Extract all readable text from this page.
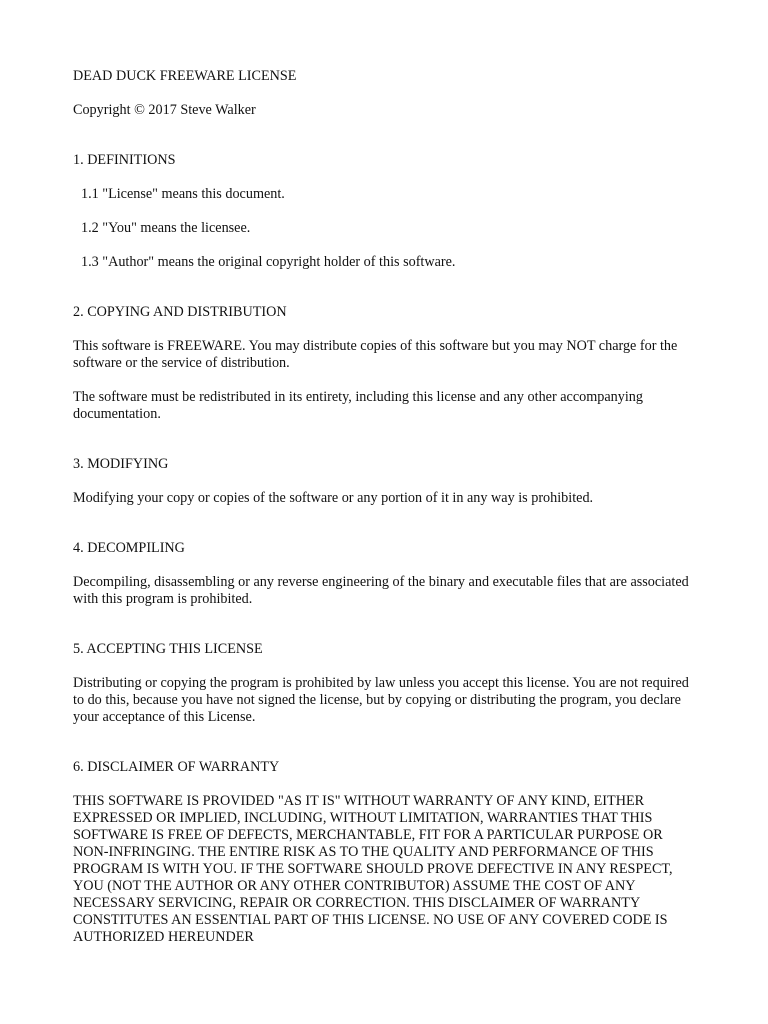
DEAD DUCK FREEWARE LICENSE

Copyright © 2017 Steve Walker

1. DEFINITIONS

1.1 "License" means this document.

1.2 "You" means the licensee.

1.3 "Author" means the original copyright holder of this software.

2. COPYING AND DISTRIBUTION

This software is FREEWARE. You may distribute copies of this software but you may NOT charge for the software or the service of distribution.

The software must be redistributed in its entirety, including this license and any other accompanying documentation.

3. MODIFYING

Modifying your copy or copies of the software or any portion of it in any way is prohibited.

4. DECOMPILING

Decompiling, disassembling or any reverse engineering of the binary and executable files that are associated with this program is prohibited.

5. ACCEPTING THIS LICENSE

Distributing or copying the program is prohibited by law unless you accept this license. You are not required to do this, because you have not signed the license, but by copying or distributing the program, you declare your acceptance of this License.

6. DISCLAIMER OF WARRANTY

THIS SOFTWARE IS PROVIDED "AS IT IS" WITHOUT WARRANTY OF ANY KIND, EITHER EXPRESSED OR IMPLIED, INCLUDING, WITHOUT LIMITATION, WARRANTIES THAT THIS SOFTWARE IS FREE OF DEFECTS, MERCHANTABLE, FIT FOR A PARTICULAR PURPOSE OR NON-INFRINGING. THE ENTIRE RISK AS TO THE QUALITY AND PERFORMANCE OF THIS PROGRAM IS WITH YOU. IF THE SOFTWARE SHOULD PROVE DEFECTIVE IN ANY RESPECT, YOU (NOT THE AUTHOR OR ANY OTHER CONTRIBUTOR) ASSUME THE COST OF ANY NECESSARY SERVICING, REPAIR OR CORRECTION. THIS DISCLAIMER OF WARRANTY CONSTITUTES AN ESSENTIAL PART OF THIS LICENSE. NO USE OF ANY COVERED CODE IS AUTHORIZED HEREUNDER
